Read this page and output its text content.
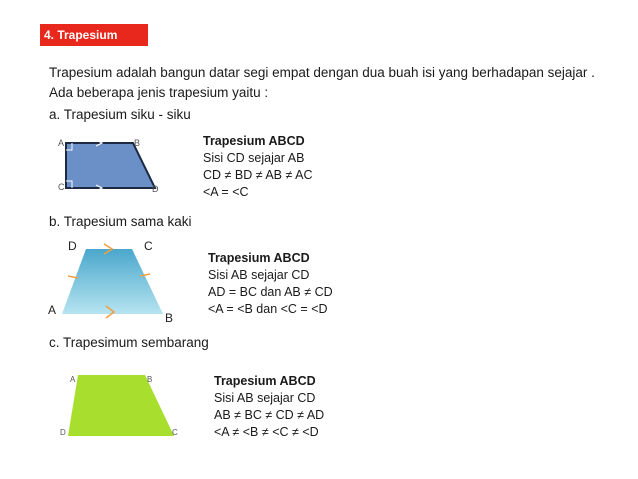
4. Trapesium
Trapesium adalah bangun datar segi empat dengan dua buah isi yang berhadapan sejajar . Ada beberapa jenis trapesium yaitu :
a. Trapesium siku - siku
A	B
C	D
Trapesium ABCD
Sisi CD sejajar AB
CD ≠ BD ≠ AB ≠ AC
<A = <C
b. Trapesium sama kaki
D	C
A
B
Trapesium ABCD
Sisi AB sejajar CD
AD = BC dan AB ≠ CD
<A = <B dan <C = <D
c. Trapesimum sembarang
A	B
C
D
Trapesium ABCD
Sisi AB sejajar CD
AB ≠ BC ≠ CD ≠ AD
<A ≠ <B ≠ <C ≠ <D
